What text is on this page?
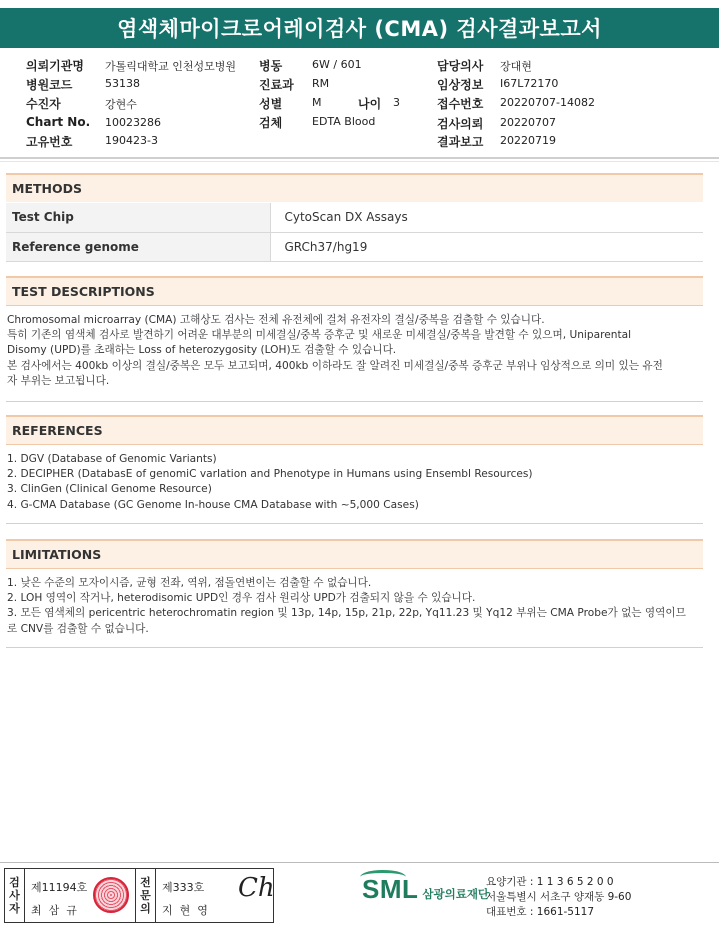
염색체마이크로어레이검사 (CMA) 검사결과보고서
의뢰기관명 가톨릭대학교 인천성모병원 병동	6W / 601	담당의사 장대현
병원코드	53138	진료과 RM	임상정보 I67L72170
수진자	강현수	성별	M	나이 3	접수번호 20220707-14082
Chart No. 10023286	검체	EDTA Blood	검사의뢰 20220707
고유번호	190423-3	결과보고 20220719
METHODS
Test Chip	CytoScan DX Assays
Reference genome	GRCh37/hg19
TEST DESCRIPTIONS
Chromosomal microarray (CMA) 고해상도 검사는 전체 유전체에 걸쳐 유전자의 결실/중복을 검출할 수 있습니다.
특히 기존의 염색체 검사로 발견하기 어려운 대부분의 미세결실/중복 증후군 및 새로운 미세결실/중복을 발견할 수 있으며, Uniparental
Disomy (UPD)를 초래하는 Loss of heterozygosity (LOH)도 검출할 수 있습니다.
본 검사에서는 400kb 이상의 결실/중복은 모두 보고되며, 400kb 이하라도 잘 알려진 미세결실/중복 증후군 부위나 임상적으로 의미 있는 유전
자 부위는 보고됩니다.
REFERENCES
1. DGV (Database of Genomic Variants)
2. DECIPHER (DatabasE of genomiC varIation and Phenotype in Humans using Ensembl Resources)
3. ClinGen (Clinical Genome Resource)
4. G-CMA Database (GC Genome In-house CMA Database with ~5,000 Cases)
LIMITATIONS
1. 낮은 수준의 모자이시즘, 균형 전좌, 역위, 점돌연변이는 검출할 수 없습니다.
2. LOH 영역이 작거나, heterodisomic UPD인 경우 검사 원리상 UPD가 검출되지 않을 수 있습니다.
3. 모든 염색체의 pericentric heterochromatin region 및 13p, 14p, 15p, 21p, 22p, Yq11.23 및 Yq12 부위는 CMA Probe가 없는 영역이므
로 CNV를 검출할 수 없습니다.
검
사
자
제11194호
최삼규
전
문
의
제333호
지현영
Ch	SML 삼광의료재단
요양기관 : 1 1 3 6 5 2 0 0
서울특별시 서초구 양재동 9-60
대표번호 : 1661-5117
